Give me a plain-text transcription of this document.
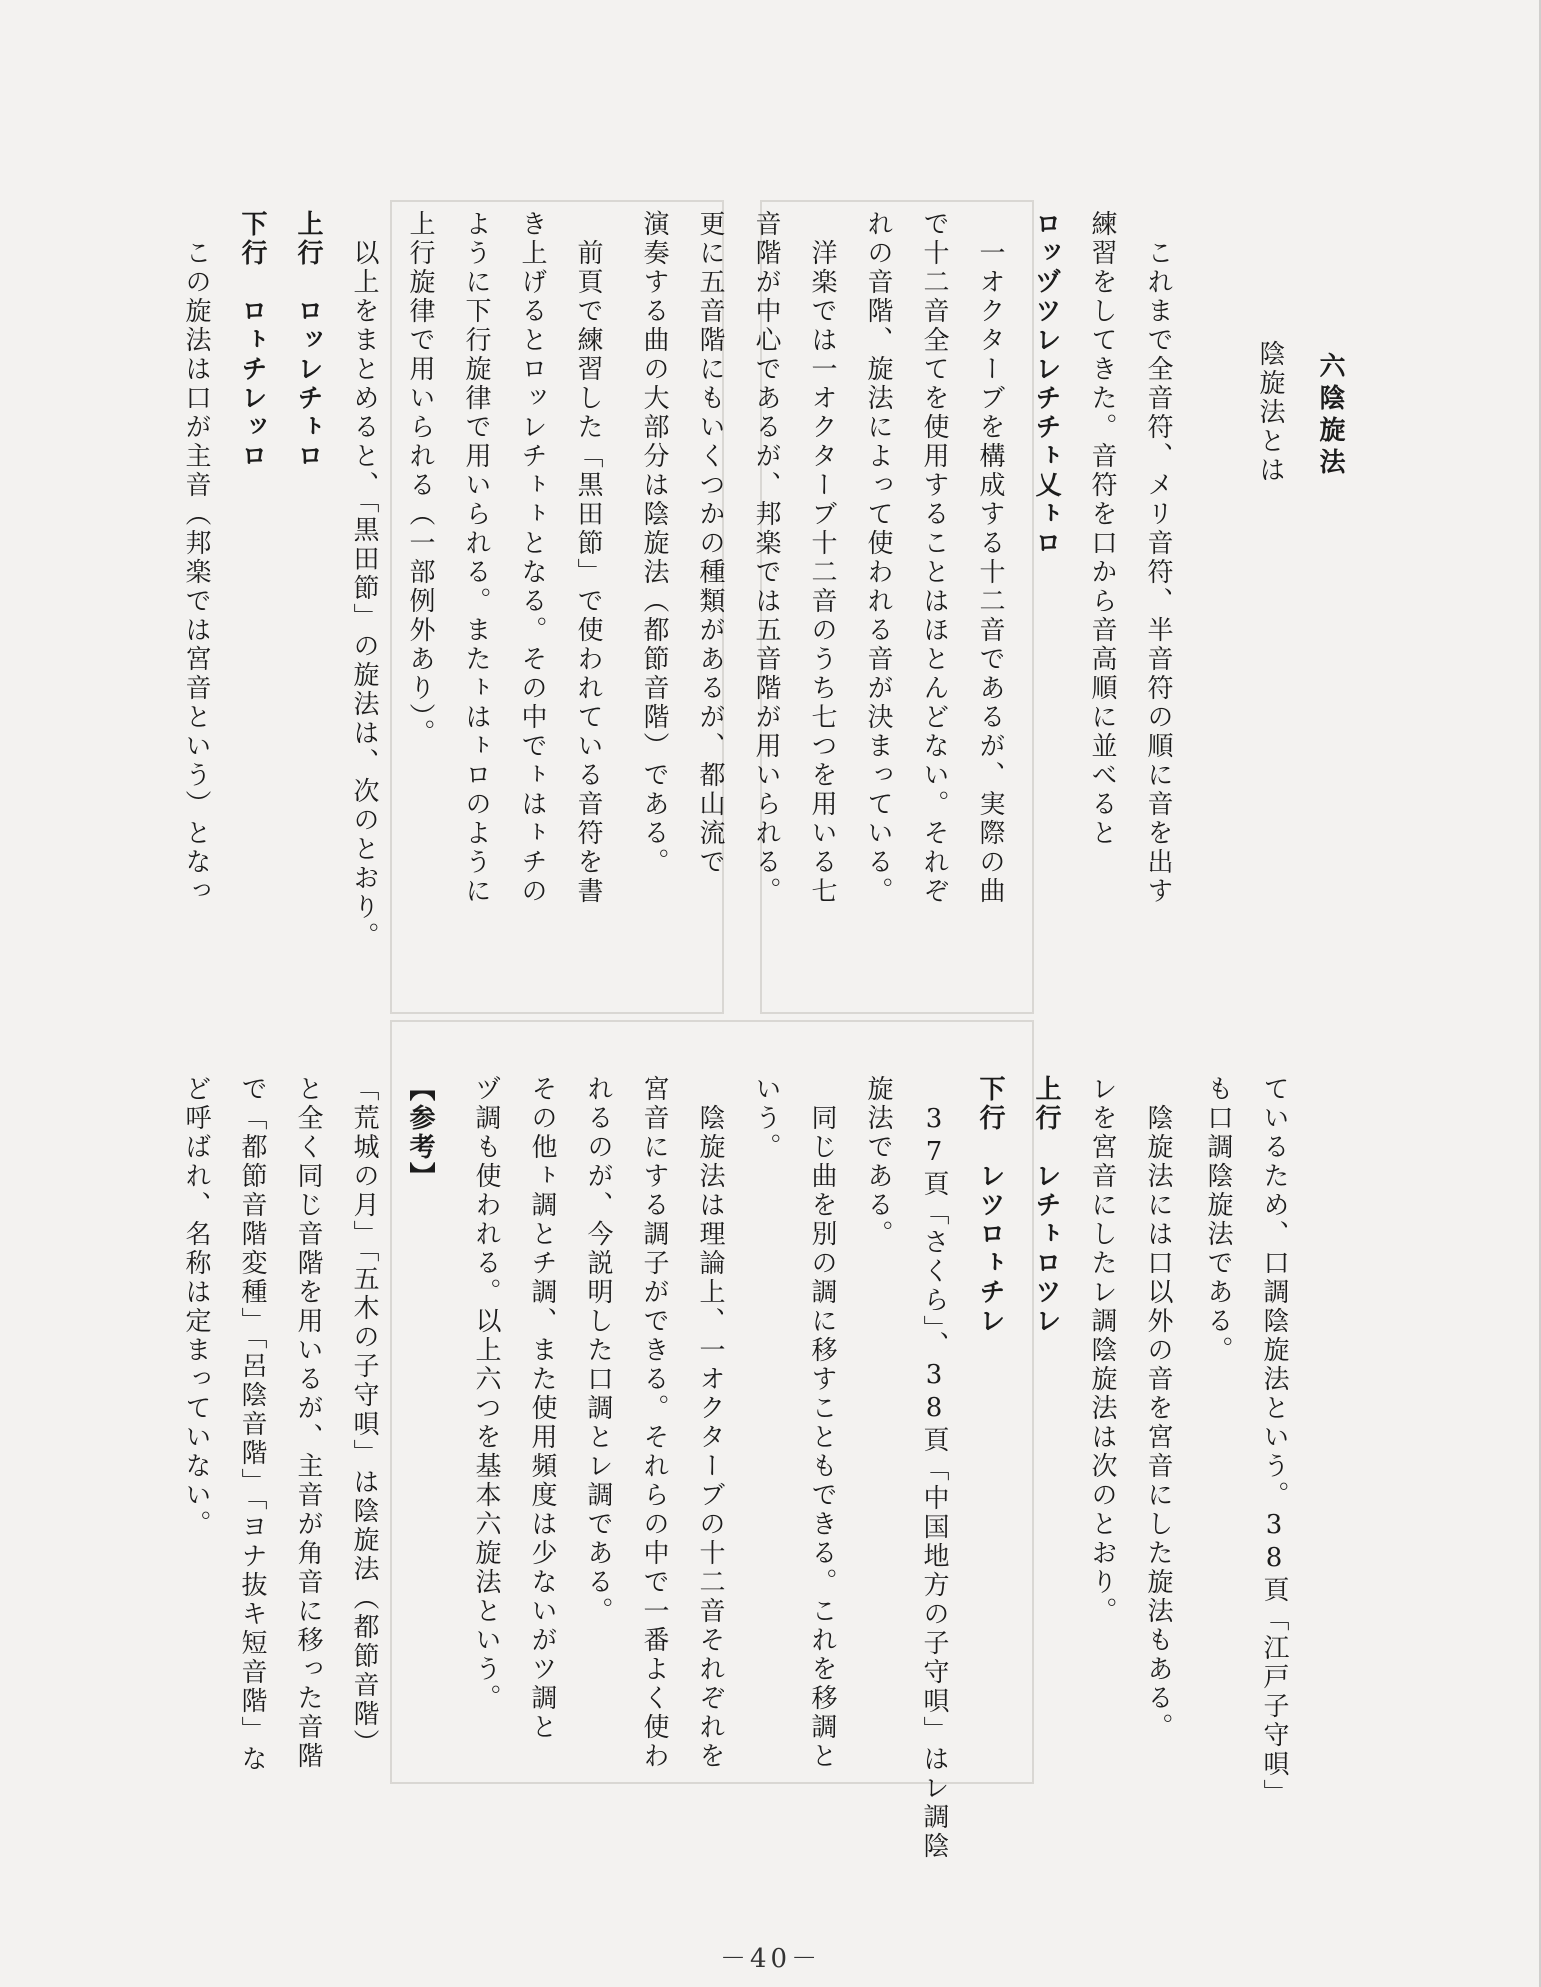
六陰旋法

陰旋法とは

　これまで全音符、メリ音符、半音符の順に音を出す
練習をしてきた。音符を口から音高順に並べると
ロッヅツレレチチㇳ乂ㇳロ
　一オクターブを構成する十二音であるが、実際の曲
で十二音全てを使用することはほとんどない。それぞ
れの音階、旋法によって使われる音が決まっている。
　洋楽では一オクターブ十二音のうち七つを用いる七
音階が中心であるが、邦楽では五音階が用いられる。
更に五音階にもいくつかの種類があるが、都山流で
演奏する曲の大部分は陰旋法（都節音階）である。
　前頁で練習した「黒田節」で使われている音符を書
き上げるとロッレチㇳㇳとなる。その中でㇳはㇳチの
ように下行旋律で用いられる。またㇳはㇳロのように
上行旋律で用いられる（一部例外あり）。
　以上をまとめると、「黒田節」の旋法は、次のとおり。
上行　ロッレチㇳロ
下行　ロㇳチレッロ
　この旋法は口が主音（邦楽では宮音という）となっ
ているため、口調陰旋法という。38頁「江戸子守唄」
も口調陰旋法である。
　陰旋法には口以外の音を宮音にした旋法もある。
レを宮音にしたレ調陰旋法は次のとおり。
上行　レチㇳロツレ
下行　レツロㇳチレ
　37頁「さくら」、38頁「中国地方の子守唄」はレ調陰
旋法である。
　同じ曲を別の調に移すこともできる。これを移調と
いう。
　陰旋法は理論上、一オクターブの十二音それぞれを
宮音にする調子ができる。それらの中で一番よく使わ
れるのが、今説明した口調とレ調である。
その他ㇳ調とチ調、また使用頻度は少ないがツ調と
ヅ調も使われる。以上六つを基本六旋法という。
【参考】
「荒城の月」「五木の子守唄」は陰旋法（都節音階）
と全く同じ音階を用いるが、主音が角音に移った音階
で「都節音階変種」「呂陰音階」「ヨナ抜キ短音階」な
ど呼ばれ、名称は定まっていない。
－40－
